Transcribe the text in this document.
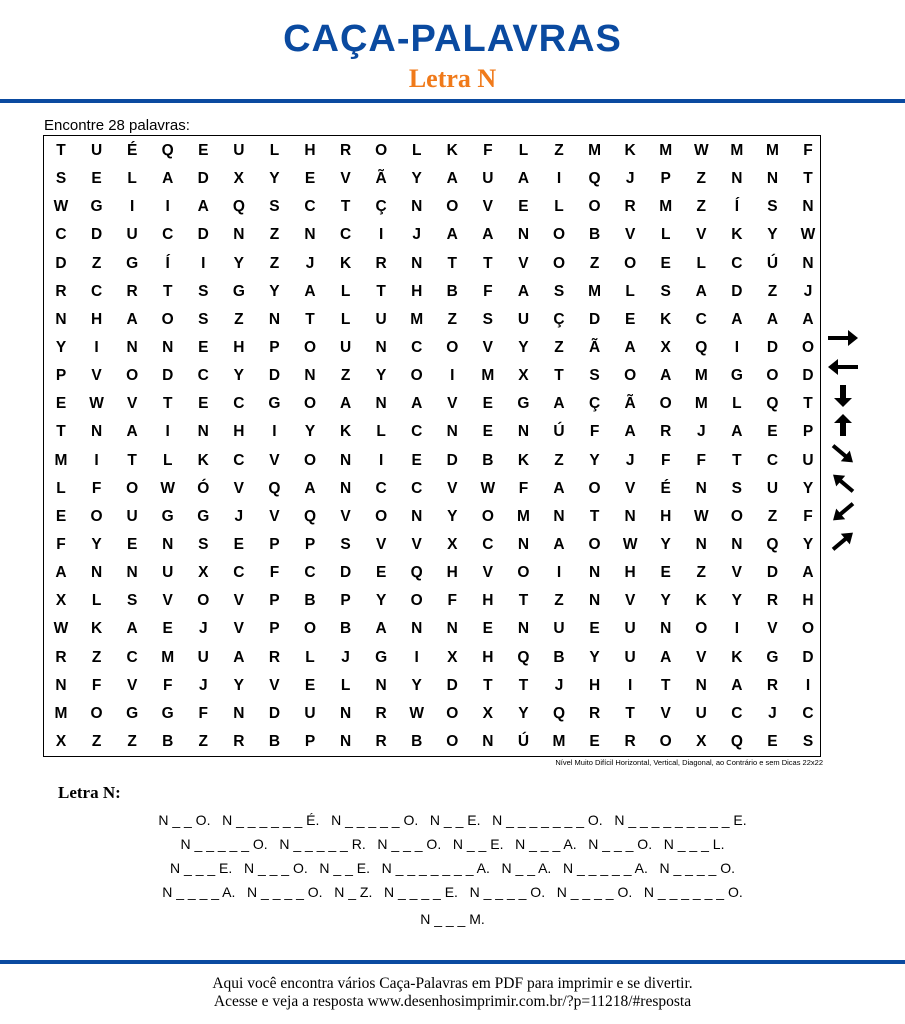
CAÇA-PALAVRAS
Letra N
Encontre 28 palavras:
T	U	É	Q	E	U	L	H	R	O	L	K	F	L	Z	M	K	M	W	M	M	F
S	E	L	A	D	X	Y	E	V	Ã	Y	A	U	A	I	Q	J	P	Z	N	N	T
W	G	I	I	A	Q	S	C	T	Ç	N	O	V	E	L	O	R	M	Z	Í	S	N
C	D	U	C	D	N	Z	N	C	I	J	A	A	N	O	B	V	L	V	K	Y	W
D	Z	G	Í	I	Y	Z	J	K	R	N	T	T	V	O	Z	O	E	L	C	Ú	N
R	C	R	T	S	G	Y	A	L	T	H	B	F	A	S	M	L	S	A	D	Z	J
N	H	A	O	S	Z	N	T	L	U	M	Z	S	U	Ç	D	E	K	C	A	A	A
Y	I	N	N	E	H	P	O	U	N	C	O	V	Y	Z	Ã	A	X	Q	I	D	O
P	V	O	D	C	Y	D	N	Z	Y	O	I	M	X	T	S	O	A	M	G	O	D
E	W	V	T	E	C	G	O	A	N	A	V	E	G	A	Ç	Ã	O	M	L	Q	T
T	N	A	I	N	H	I	Y	K	L	C	N	E	N	Ú	F	A	R	J	A	E	P
M	I	T	L	K	C	V	O	N	I	E	D	B	K	Z	Y	J	F	F	T	C	U
L	F	O	W	Ó	V	Q	A	N	C	C	V	W	F	A	O	V	É	N	S	U	Y
E	O	U	G	G	J	V	Q	V	O	N	Y	O	M	N	T	N	H	W	O	Z	F
F	Y	E	N	S	E	P	P	S	V	V	X	C	N	A	O	W	Y	N	N	Q	Y
A	N	N	U	X	C	F	C	D	E	Q	H	V	O	I	N	H	E	Z	V	D	A
X	L	S	V	O	V	P	B	P	Y	O	F	H	T	Z	N	V	Y	K	Y	R	H
W	K	A	E	J	V	P	O	B	A	N	N	E	N	U	E	U	N	O	I	V	O
R	Z	C	M	U	A	R	L	J	G	I	X	H	Q	B	Y	U	A	V	K	G	D
N	F	V	F	J	Y	V	E	L	N	Y	D	T	T	J	H	I	T	N	A	R	I
M	O	G	G	F	N	D	U	N	R	W	O	X	Y	Q	R	T	V	U	C	J	C
X	Z	Z	B	Z	R	B	P	N	R	B	O	N	Ú	M	E	R	O	X	Q	E	S
Nível Muito Difícil Horizontal, Vertical, Diagonal, ao Contrário e sem Dicas 22x22
Letra N:
N _ _ O.   N _ _ _ _ _ _ É.   N _ _ _ _ _ O.   N _ _ E.   N _ _ _ _ _ _ _ O.   N _ _ _ _ _ _ _ _ _ E.
N _ _ _ _ _ O.   N _ _ _ _ _ R.   N _ _ _ O.   N _ _ E.   N _ _ _ A.   N _ _ _ O.   N _ _ _ L.
N _ _ _ E.   N _ _ _ O.   N _ _ E.   N _ _ _ _ _ _ _ A.   N _ _ A.   N _ _ _ _ _ A.   N _ _ _ _ O.
N _ _ _ _ A.   N _ _ _ _ O.   N _ Z.   N _ _ _ _ E.   N _ _ _ _ O.   N _ _ _ _ O.   N _ _ _ _ _ _ O.
N _ _ _ M.
Aqui você encontra vários Caça-Palavras em PDF para imprimir e se divertir.
Acesse e veja a resposta www.desenhosimprimir.com.br/?p=11218/#resposta
